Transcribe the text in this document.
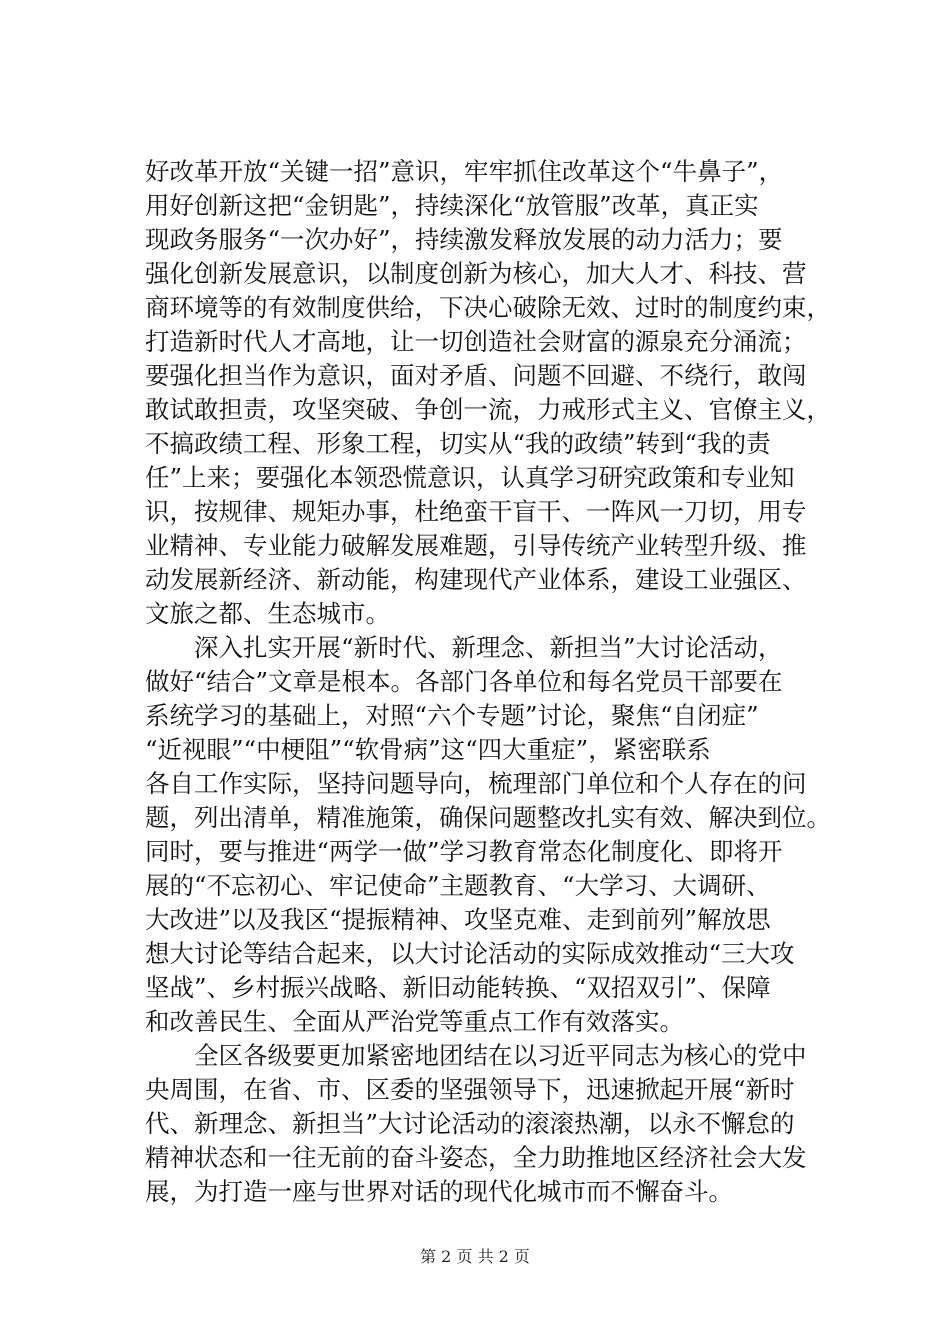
好改革开放“关键一招”意识，牢牢抓住改革这个“牛鼻子”，
用好创新这把“金钥匙”，持续深化“放管服”改革，真正实
现政务服务“一次办好”，持续激发释放发展的动力活力；要
强化创新发展意识，以制度创新为核心，加大人才、科技、营
商环境等的有效制度供给，下决心破除无效、过时的制度约束，
打造新时代人才高地，让一切创造社会财富的源泉充分涌流；
要强化担当作为意识，面对矛盾、问题不回避、不绕行，敢闯
敢试敢担责，攻坚突破、争创一流，力戒形式主义、官僚主义，
不搞政绩工程、形象工程，切实从“我的政绩”转到“我的责
任”上来；要强化本领恐慌意识，认真学习研究政策和专业知
识，按规律、规矩办事，杜绝蛮干盲干、一阵风一刀切，用专
业精神、专业能力破解发展难题，引导传统产业转型升级、推
动发展新经济、新动能，构建现代产业体系，建设工业强区、
文旅之都、生态城市。
　　深入扎实开展“新时代、新理念、新担当”大讨论活动，
做好“结合”文章是根本。各部门各单位和每名党员干部要在
系统学习的基础上，对照“六个专题”讨论，聚焦“自闭症”
“近视眼”“中梗阻”“软骨病”这“四大重症”，紧密联系
各自工作实际，坚持问题导向，梳理部门单位和个人存在的问
题，列出清单，精准施策，确保问题整改扎实有效、解决到位。
同时，要与推进“两学一做”学习教育常态化制度化、即将开
展的“不忘初心、牢记使命”主题教育、“大学习、大调研、
大改进”以及我区“提振精神、攻坚克难、走到前列”解放思
想大讨论等结合起来，以大讨论活动的实际成效推动“三大攻
坚战”、乡村振兴战略、新旧动能转换、“双招双引”、保障
和改善民生、全面从严治党等重点工作有效落实。
　　全区各级要更加紧密地团结在以习近平同志为核心的党中
央周围，在省、市、区委的坚强领导下，迅速掀起开展“新时
代、新理念、新担当”大讨论活动的滚滚热潮，以永不懈怠的
精神状态和一往无前的奋斗姿态，全力助推地区经济社会大发
展，为打造一座与世界对话的现代化城市而不懈奋斗。
第 2 页 共 2 页
